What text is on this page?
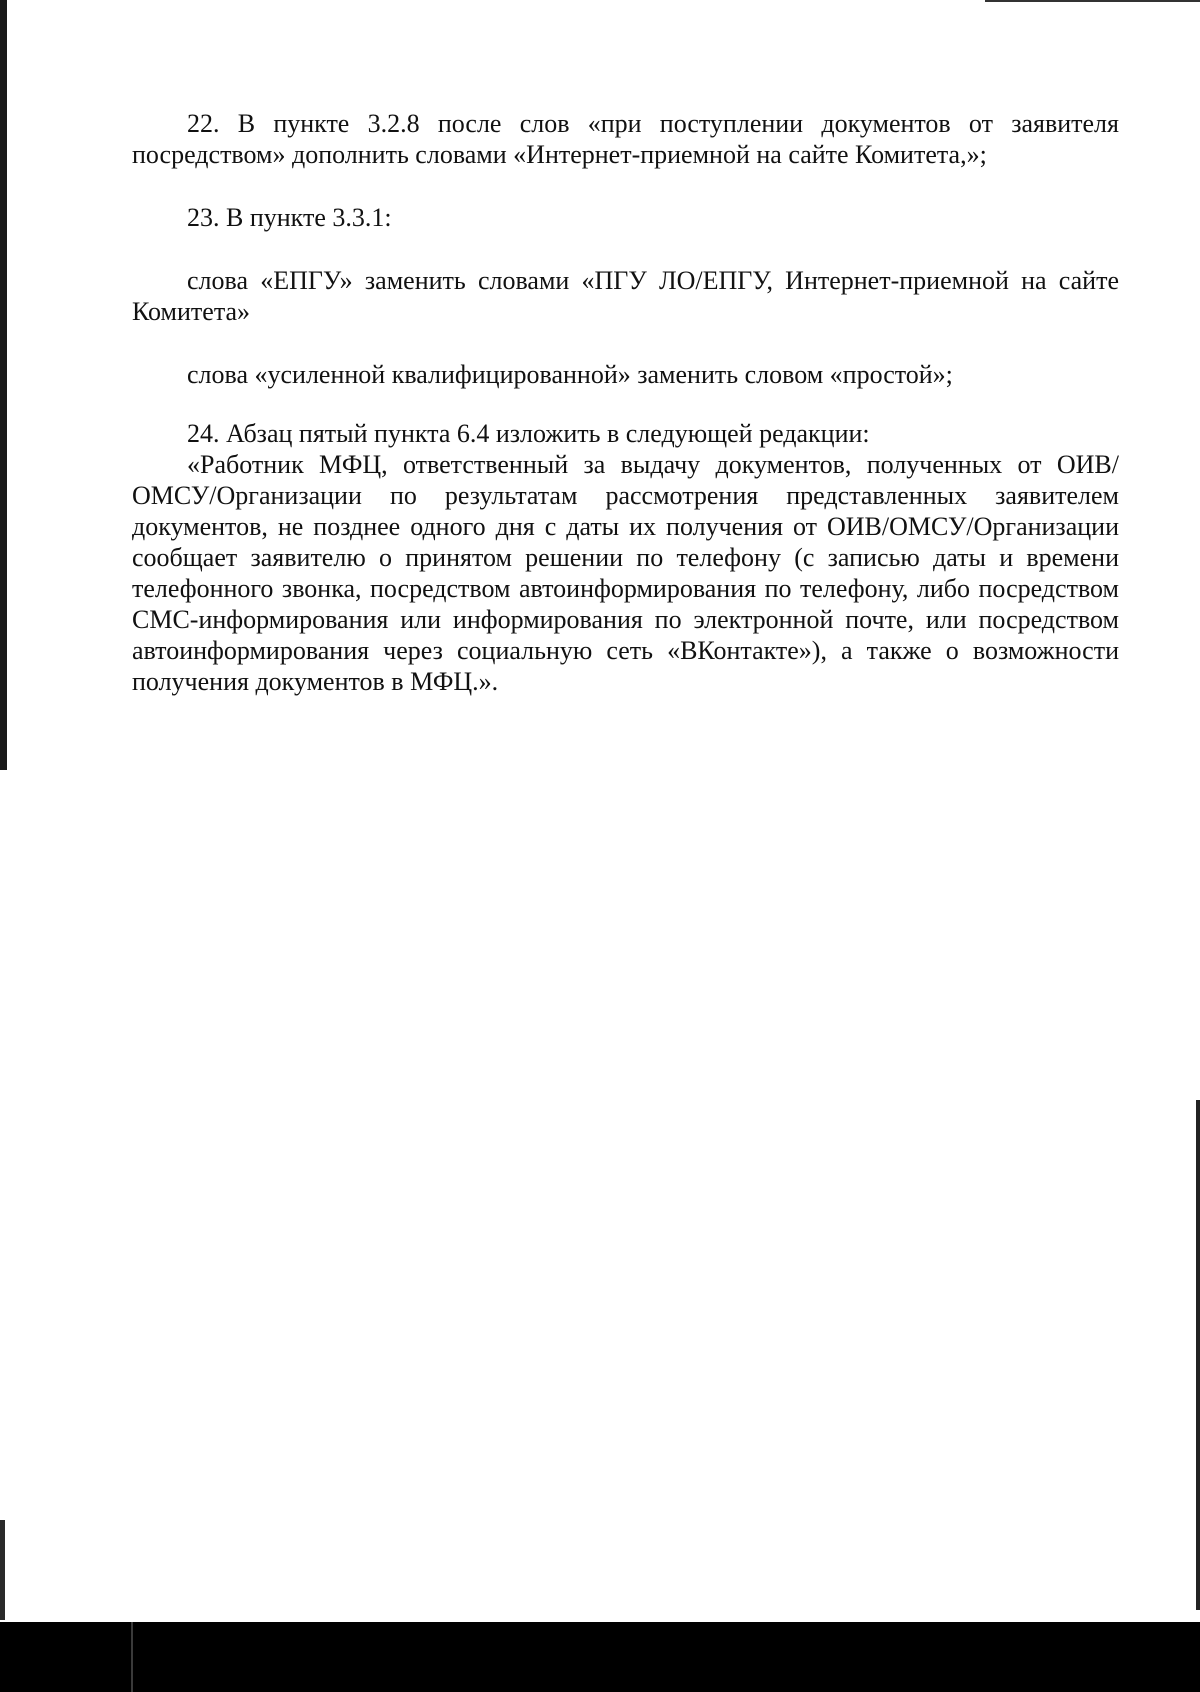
22. В пункте 3.2.8 после слов «при поступлении документов от заявителя посредством» дополнить словами «Интернет-приемной на сайте Комитета,»;

23. В пункте 3.3.1:

слова «ЕПГУ» заменить словами «ПГУ ЛО/ЕПГУ, Интернет-приемной на сайте Комитета»

слова «усиленной квалифицированной» заменить словом «простой»;

24. Абзац пятый пункта 6.4 изложить в следующей редакции:

«Работник МФЦ, ответственный за выдачу документов, полученных от ОИВ/ОМСУ/Организации по результатам рассмотрения представленных заявителем документов, не позднее одного дня с даты их получения от ОИВ/ОМСУ/Организации сообщает заявителю о принятом решении по телефону (с записью даты и времени телефонного звонка, посредством автоинформирования по телефону, либо посредством СМС-информирования или информирования по электронной почте, или посредством автоинформирования через социальную сеть «ВКонтакте»), а также о возможности получения документов в МФЦ.».
